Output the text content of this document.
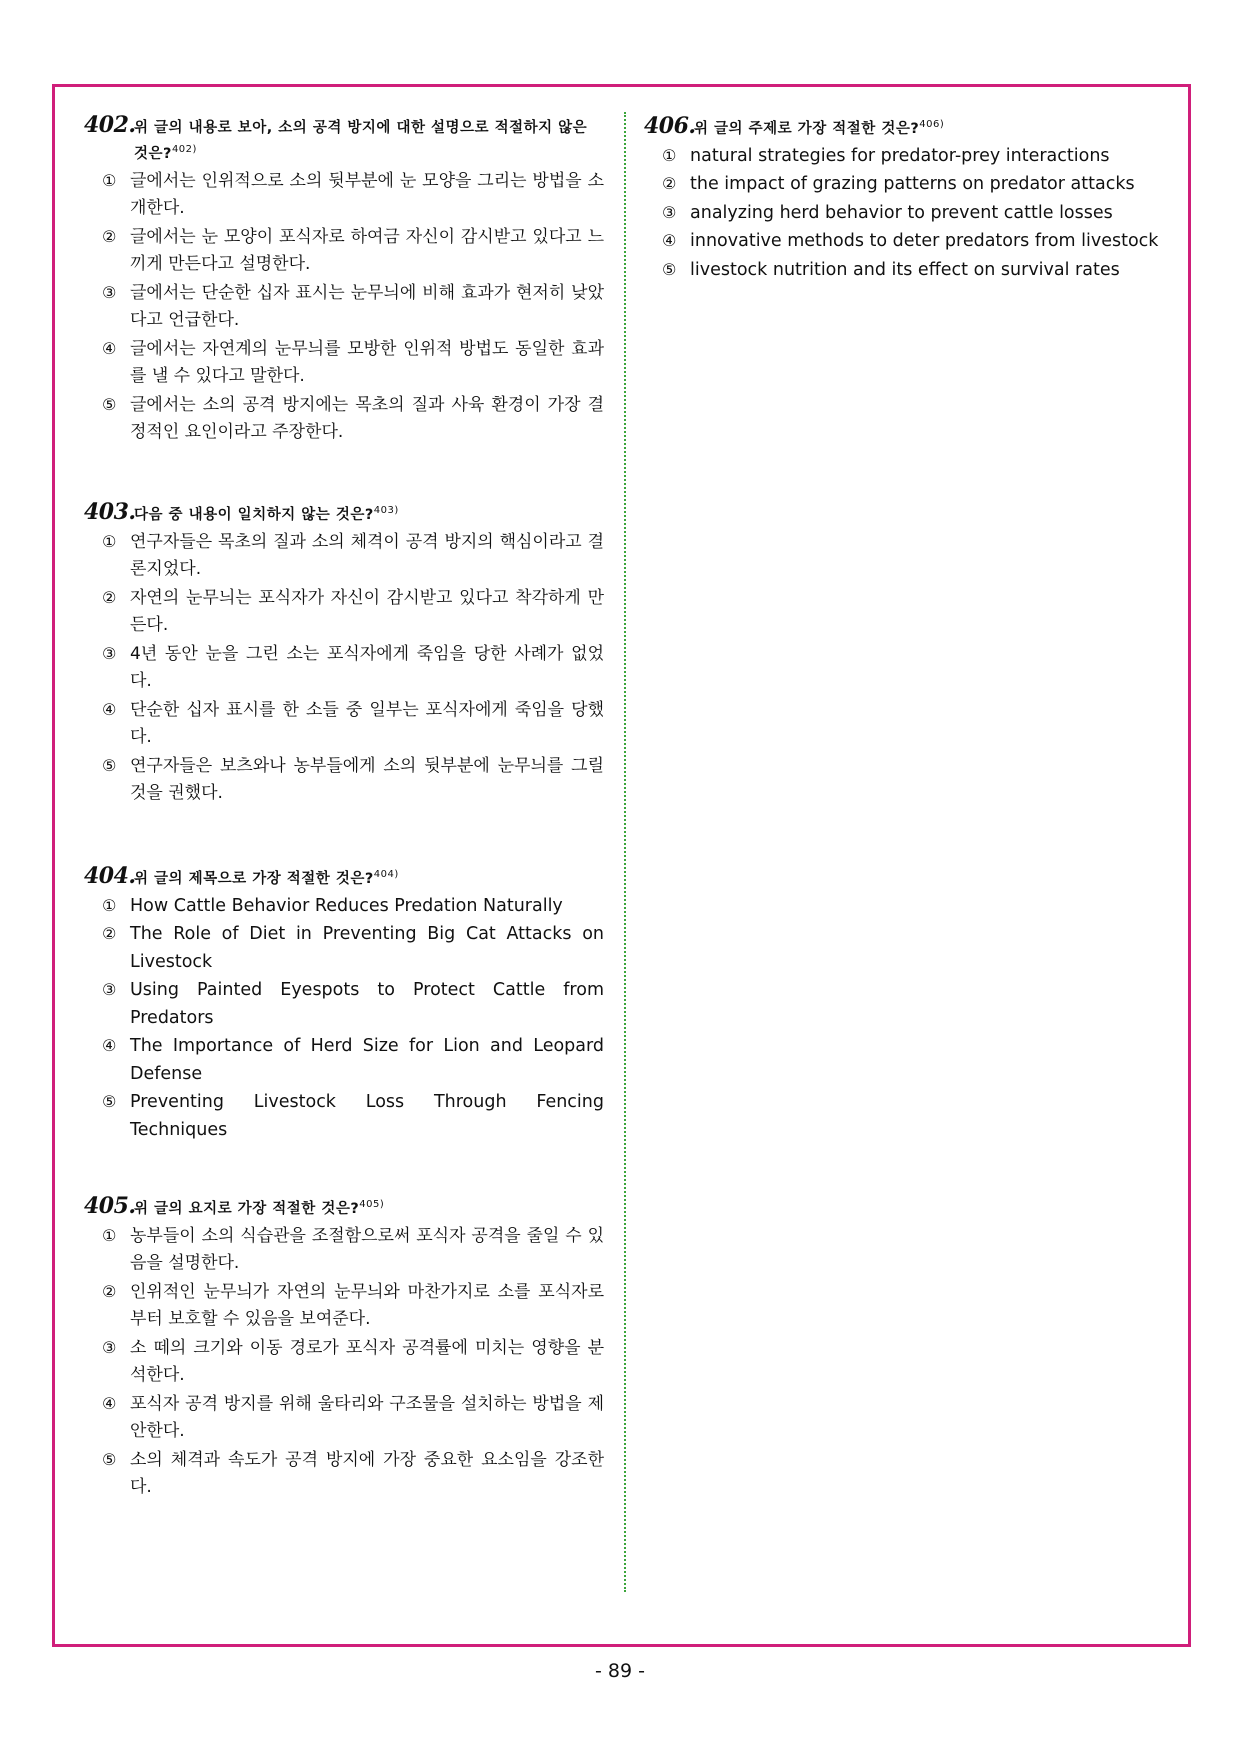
402.위 글의 내용로 보아, 소의 공격 방지에 대한 설명으로 적절하지 않은 것은?$^{402)}$
① 글에서는 인위적으로 소의 뒷부분에 눈 모양을 그리는 방법을 소개한다.
② 글에서는 눈 모양이 포식자로 하여금 자신이 감시받고 있다고 느끼게 만든다고 설명한다.
③ 글에서는 단순한 십자 표시는 눈무늬에 비해 효과가 현저히 낮았다고 언급한다.
④ 글에서는 자연계의 눈무늬를 모방한 인위적 방법도 동일한 효과를 낼 수 있다고 말한다.
⑤ 글에서는 소의 공격 방지에는 목초의 질과 사육 환경이 가장 결정적인 요인이라고 주장한다.
403.다음 중 내용이 일치하지 않는 것은?$^{403)}$
① 연구자들은 목초의 질과 소의 체격이 공격 방지의 핵심이라고 결론지었다.
② 자연의 눈무늬는 포식자가 자신이 감시받고 있다고 착각하게 만든다.
③ 4년 동안 눈을 그린 소는 포식자에게 죽임을 당한 사례가 없었다.
④ 단순한 십자 표시를 한 소들 중 일부는 포식자에게 죽임을 당했다.
⑤ 연구자들은 보츠와나 농부들에게 소의 뒷부분에 눈무늬를 그릴 것을 권했다.
404.위 글의 제목으로 가장 적절한 것은?$^{404)}$
① How Cattle Behavior Reduces Predation Naturally
② The Role of Diet in Preventing Big Cat Attacks on Livestock
③ Using Painted Eyespots to Protect Cattle from Predators
④ The Importance of Herd Size for Lion and Leopard Defense
⑤ Preventing Livestock Loss Through Fencing Techniques
405.위 글의 요지로 가장 적절한 것은?$^{405)}$
① 농부들이 소의 식습관을 조절함으로써 포식자 공격을 줄일 수 있음을 설명한다.
② 인위적인 눈무늬가 자연의 눈무늬와 마찬가지로 소를 포식자로부터 보호할 수 있음을 보여준다.
③ 소 떼의 크기와 이동 경로가 포식자 공격률에 미치는 영향을 분석한다.
④ 포식자 공격 방지를 위해 울타리와 구조물을 설치하는 방법을 제안한다.
⑤ 소의 체격과 속도가 공격 방지에 가장 중요한 요소임을 강조한다.
406.위 글의 주제로 가장 적절한 것은?$^{406)}$
① natural strategies for predator-prey interactions
② the impact of grazing patterns on predator attacks
③ analyzing herd behavior to prevent cattle losses
④ innovative methods to deter predators from livestock
⑤ livestock nutrition and its effect on survival rates
- 89 -
